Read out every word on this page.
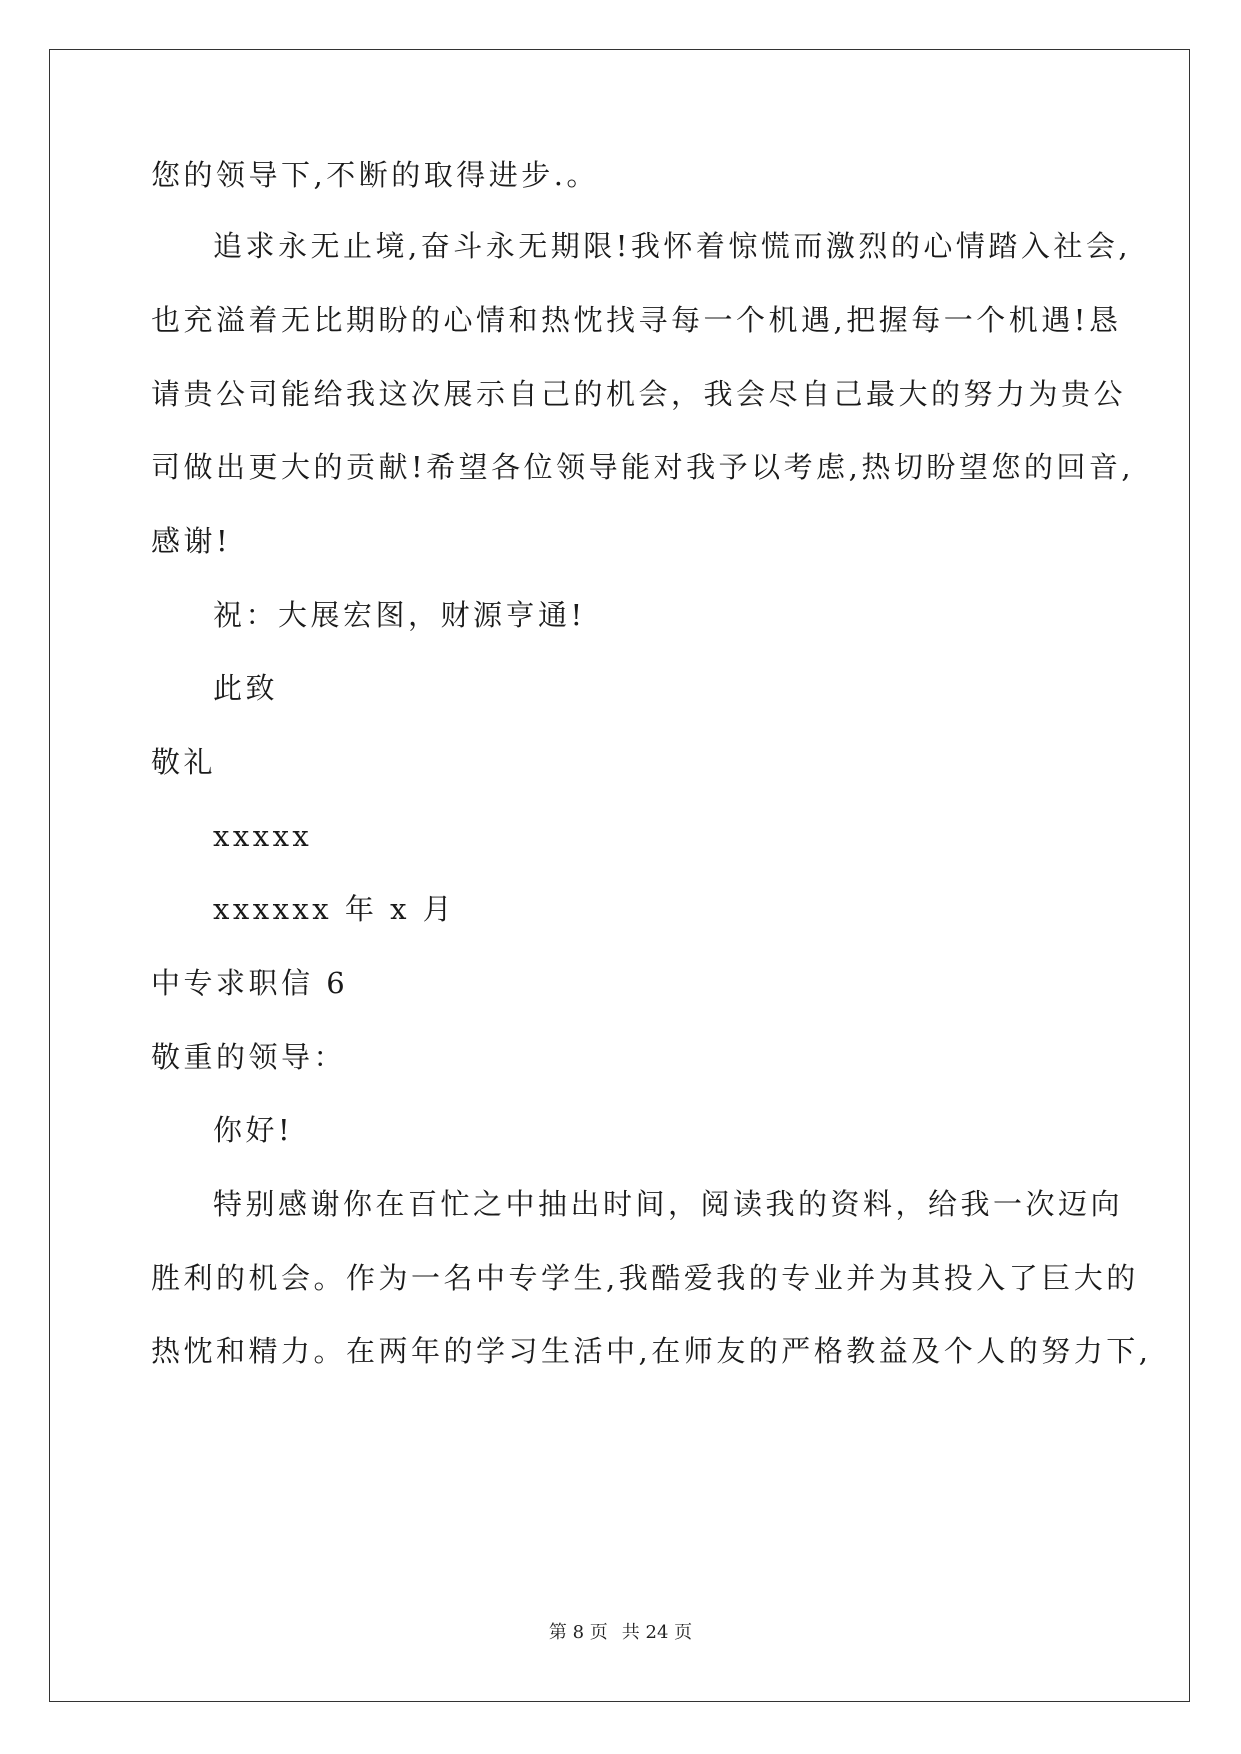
您的领导下,不断的取得进步.。
追求永无止境,奋斗永无期限!我怀着惊慌而激烈的心情踏入社会,
也充溢着无比期盼的心情和热忱找寻每一个机遇,把握每一个机遇!恳
请贵公司能给我这次展示自己的机会，我会尽自己最大的努力为贵公
司做出更大的贡献!希望各位领导能对我予以考虑,热切盼望您的回音,
感谢!
祝：大展宏图，财源亨通!
此致
敬礼
xxxxx
xxxxxx 年 x 月
中专求职信 6
敬重的领导：
你好!
特别感谢你在百忙之中抽出时间，阅读我的资料，给我一次迈向
胜利的机会。作为一名中专学生,我酷爱我的专业并为其投入了巨大的
热忱和精力。在两年的学习生活中,在师友的严格教益及个人的努力下,
第 8 页 共 24 页
